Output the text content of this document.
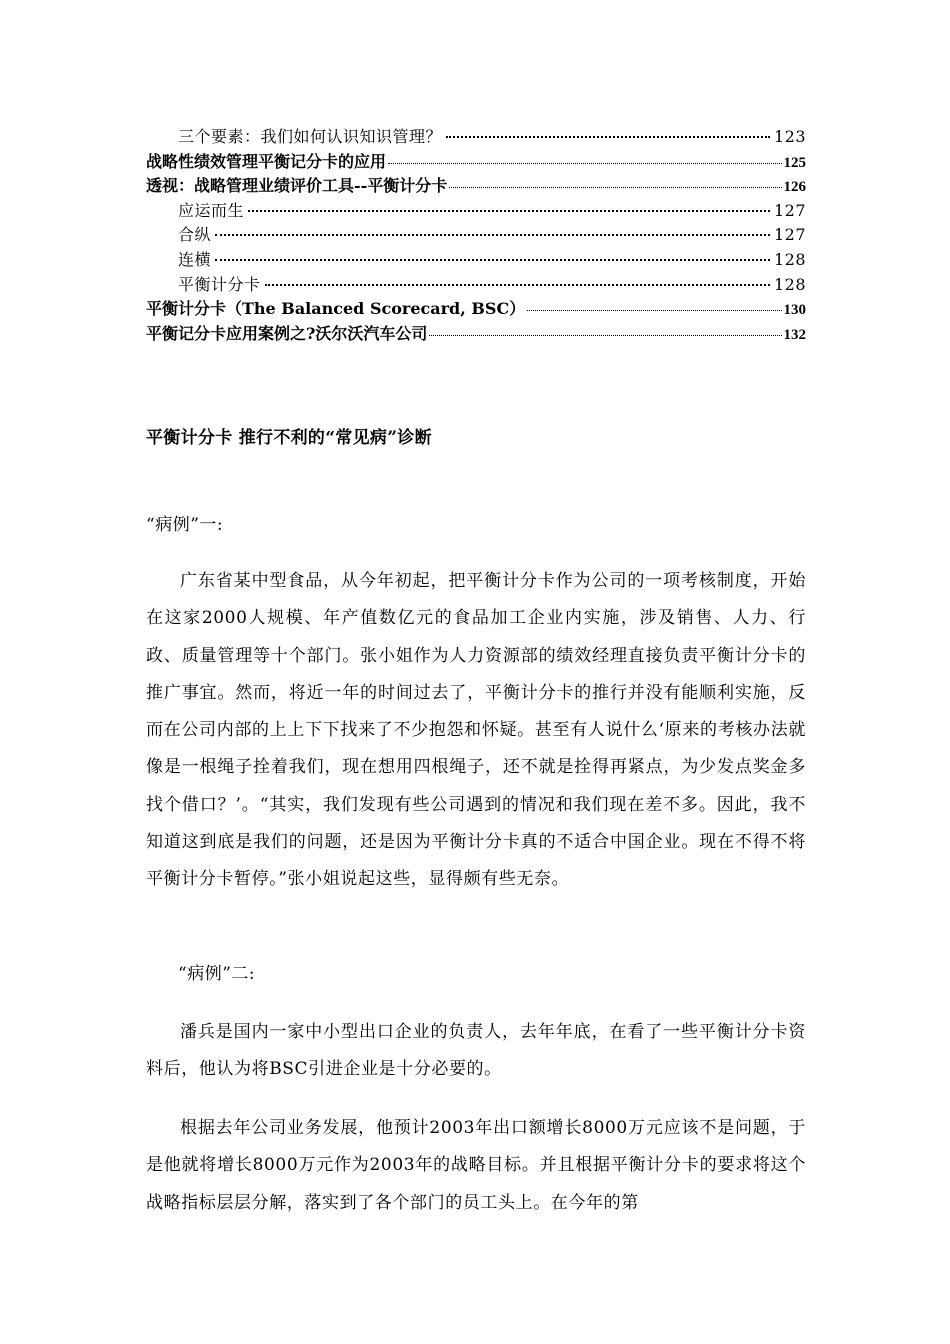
三个要素：我们如何认识知识管理？	123
战略性绩效管理平衡记分卡的应用	125
透视：战略管理业绩评价工具--平衡计分卡	126
应运而生	127
合纵	127
连横	128
平衡计分卡	128
平衡计分卡（The Balanced Scorecard, BSC）	130
平衡记分卡应用案例之?沃尔沃汽车公司	132
平衡计分卡 推行不利的“常见病”诊断
“病例”一:

广东省某中型食品，从今年初起，把平衡计分卡作为公司的一项考核制度，开始在这家2000人规模、年产值数亿元的食品加工企业内实施，涉及销售、人力、行政、质量管理等十个部门。张小姐作为人力资源部的绩效经理直接负责平衡计分卡的推广事宜。然而，将近一年的时间过去了，平衡计分卡的推行并没有能顺利实施，反而在公司内部的上上下下找来了不少抱怨和怀疑。甚至有人说什么‘原来的考核办法就像是一根绳子拴着我们，现在想用四根绳子，还不就是拴得再紧点，为少发点奖金多找个借口？’。“其实，我们发现有些公司遇到的情况和我们现在差不多。因此，我不知道这到底是我们的问题，还是因为平衡计分卡真的不适合中国企业。现在不得不将平衡计分卡暂停。”张小姐说起这些，显得颇有些无奈。

“病例”二:

潘兵是国内一家中小型出口企业的负责人，去年年底，在看了一些平衡计分卡资料后，他认为将BSC引进企业是十分必要的。

根据去年公司业务发展，他预计2003年出口额增长8000万元应该不是问题，于是他就将增长8000万元作为2003年的战略目标。并且根据平衡计分卡的要求将这个战略指标层层分解，落实到了各个部门的员工头上。在今年的第
